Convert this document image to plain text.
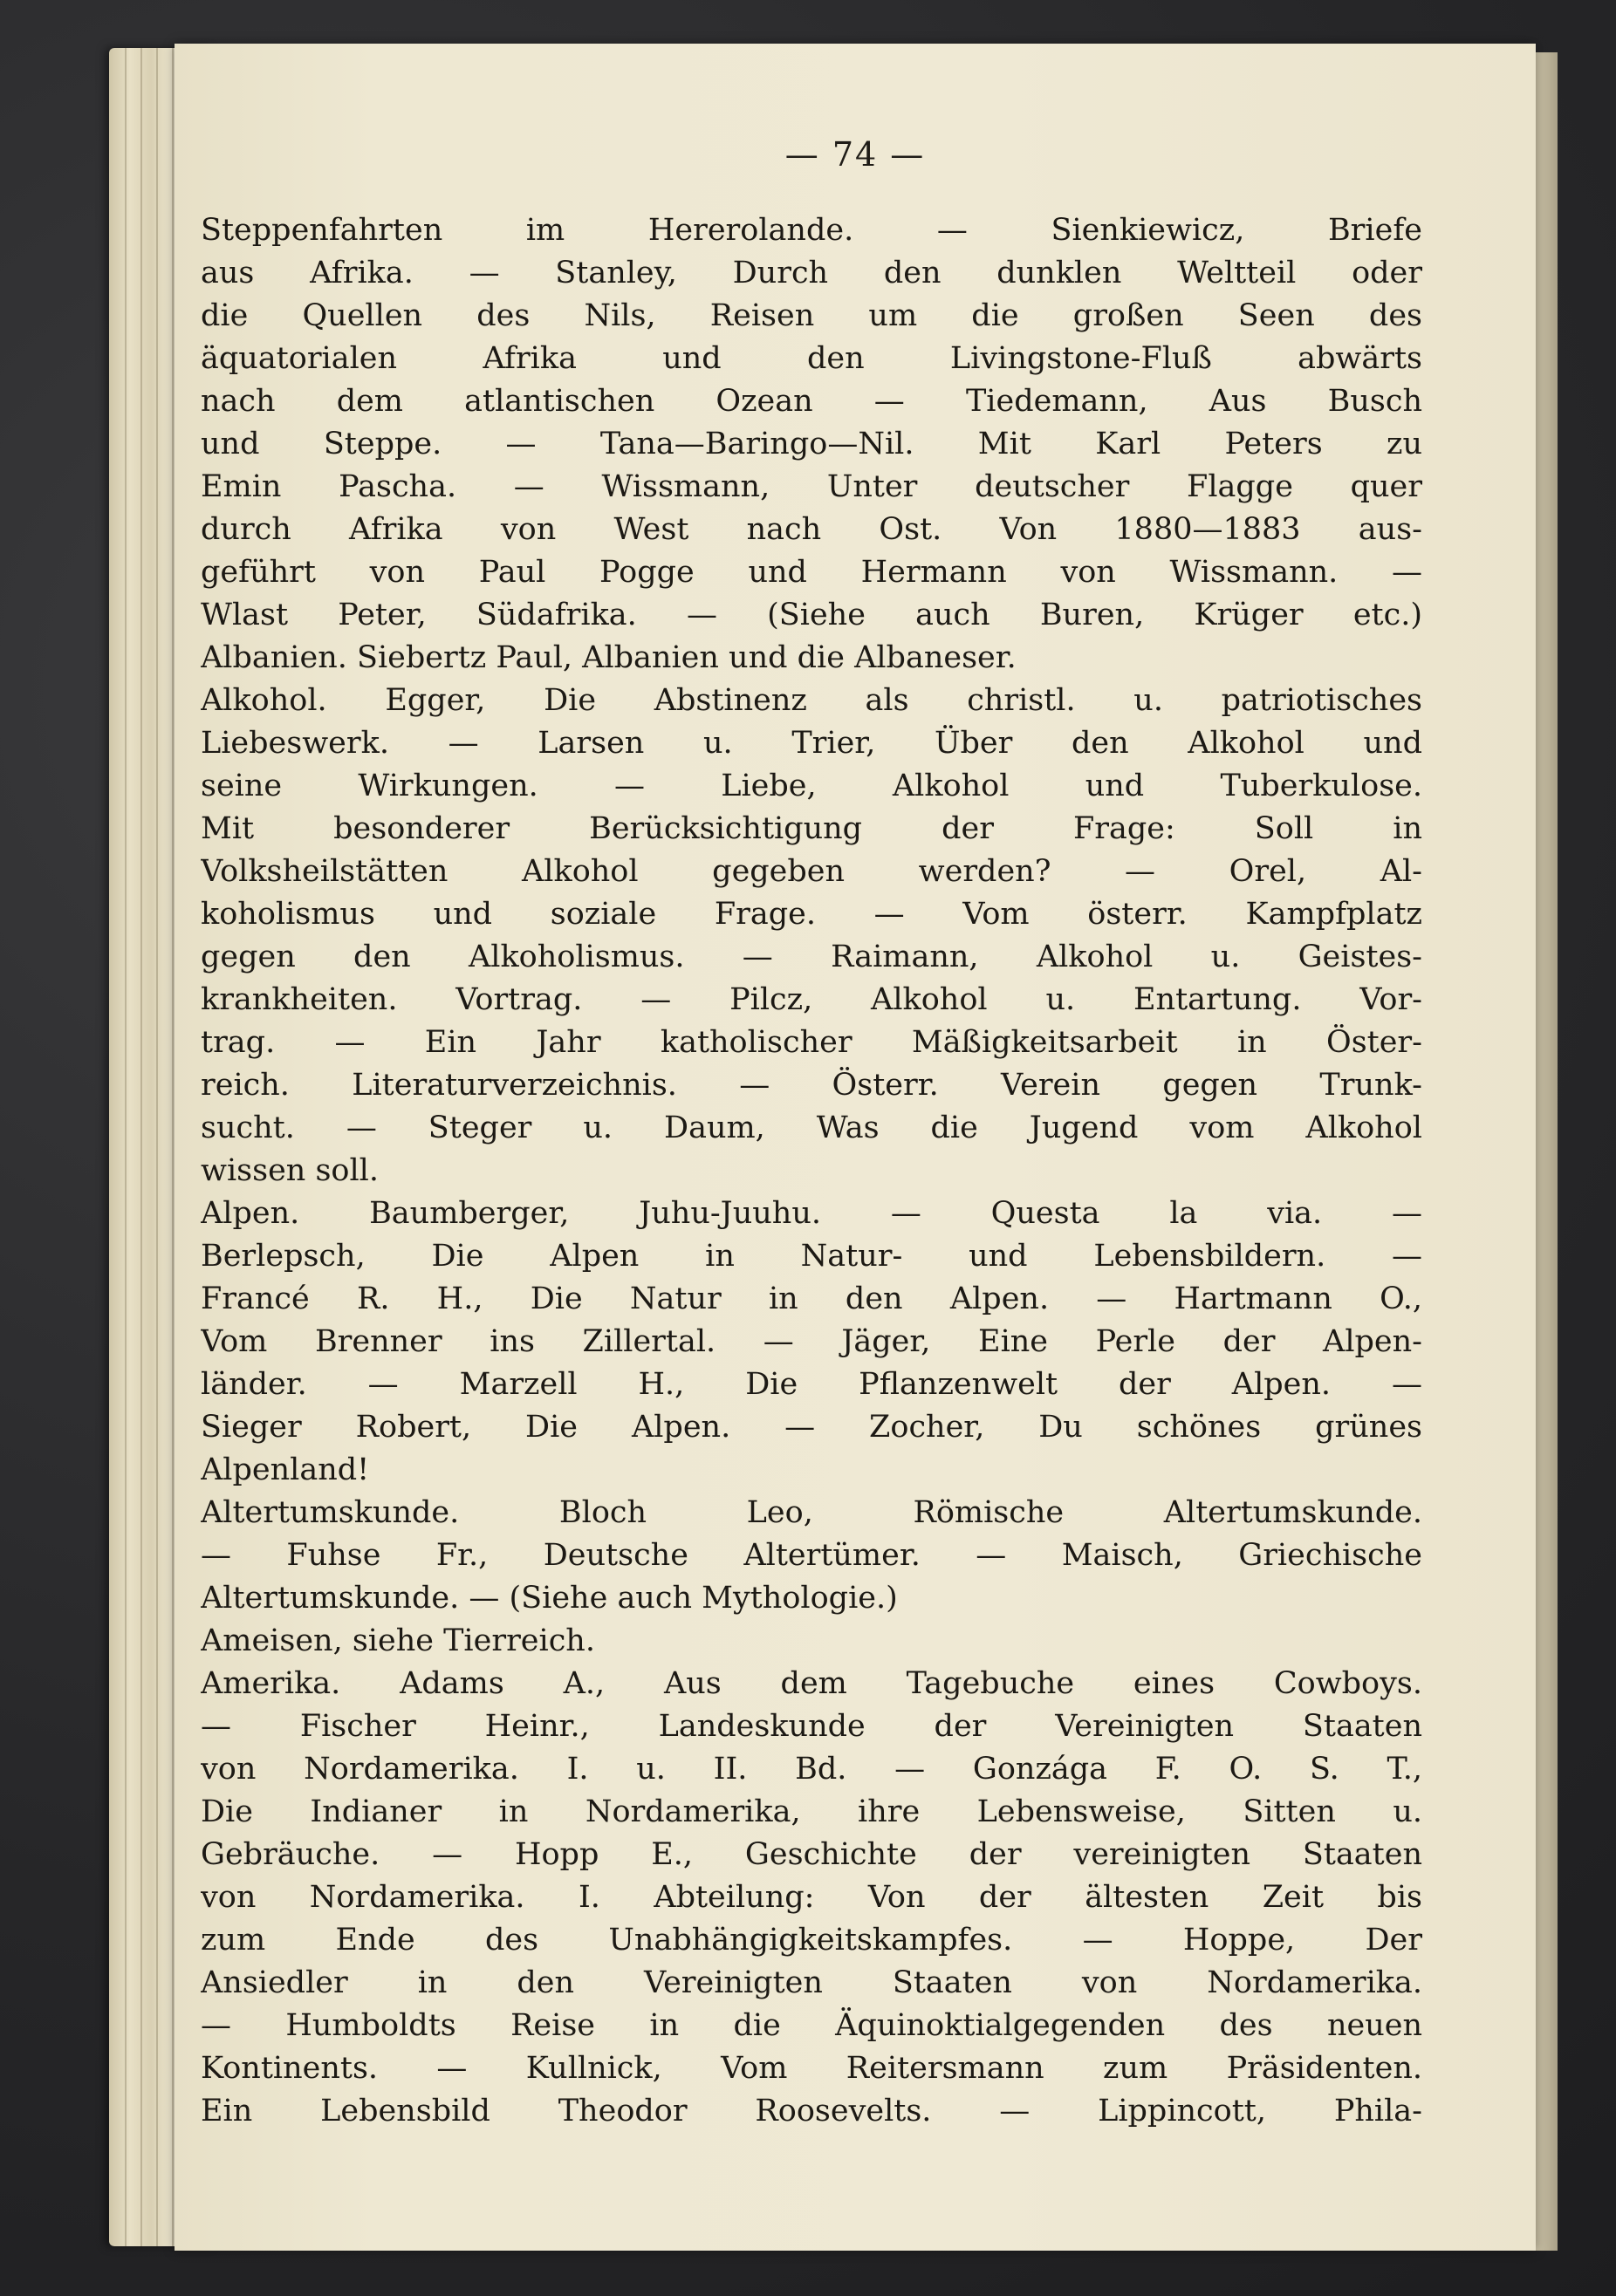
— 74 —
Steppenfahrten im Hererolande. — Sienkiewicz, Briefe
aus Afrika. — Stanley, Durch den dunklen Weltteil oder
die Quellen des Nils, Reisen um die großen Seen des
äquatorialen Afrika und den Livingstone-Fluß abwärts
nach dem atlantischen Ozean — Tiedemann, Aus Busch
und Steppe. — Tana—Baringo—Nil. Mit Karl Peters zu
Emin Pascha. — Wissmann, Unter deutscher Flagge quer
durch Afrika von West nach Ost. Von 1880—1883 aus-
geführt von Paul Pogge und Hermann von Wissmann. —
Wlast Peter, Südafrika. — (Siehe auch Buren, Krüger etc.)
Albanien. Siebertz Paul, Albanien und die Albaneser.
Alkohol. Egger, Die Abstinenz als christl. u. patriotisches
Liebeswerk. — Larsen u. Trier, Über den Alkohol und
seine Wirkungen. — Liebe, Alkohol und Tuberkulose.
Mit besonderer Berücksichtigung der Frage: Soll in
Volksheilstätten Alkohol gegeben werden? — Orel, Al-
koholismus und soziale Frage. — Vom österr. Kampfplatz
gegen den Alkoholismus. — Raimann, Alkohol u. Geistes-
krankheiten. Vortrag. — Pilcz, Alkohol u. Entartung. Vor-
trag. — Ein Jahr katholischer Mäßigkeitsarbeit in Öster-
reich. Literaturverzeichnis. — Österr. Verein gegen Trunk-
sucht. — Steger u. Daum, Was die Jugend vom Alkohol
wissen soll.
Alpen. Baumberger, Juhu-Juuhu. — Questa la via. —
Berlepsch, Die Alpen in Natur- und Lebensbildern. —
Francé R. H., Die Natur in den Alpen. — Hartmann O.,
Vom Brenner ins Zillertal. — Jäger, Eine Perle der Alpen-
länder. — Marzell H., Die Pflanzenwelt der Alpen. —
Sieger Robert, Die Alpen. — Zocher, Du schönes grünes
Alpenland!
Altertumskunde. Bloch Leo, Römische Altertumskunde.
— Fuhse Fr., Deutsche Altertümer. — Maisch, Griechische
Altertumskunde. — (Siehe auch Mythologie.)
Ameisen, siehe Tierreich.
Amerika. Adams A., Aus dem Tagebuche eines Cowboys.
— Fischer Heinr., Landeskunde der Vereinigten Staaten
von Nordamerika. I. u. II. Bd. — Gonzága F. O. S. T.,
Die Indianer in Nordamerika, ihre Lebensweise, Sitten u.
Gebräuche. — Hopp E., Geschichte der vereinigten Staaten
von Nordamerika. I. Abteilung: Von der ältesten Zeit bis
zum Ende des Unabhängigkeitskampfes. — Hoppe, Der
Ansiedler in den Vereinigten Staaten von Nordamerika.
— Humboldts Reise in die Äquinoktialgegenden des neuen
Kontinents. — Kullnick, Vom Reitersmann zum Präsidenten.
Ein Lebensbild Theodor Roosevelts. — Lippincott, Phila-
